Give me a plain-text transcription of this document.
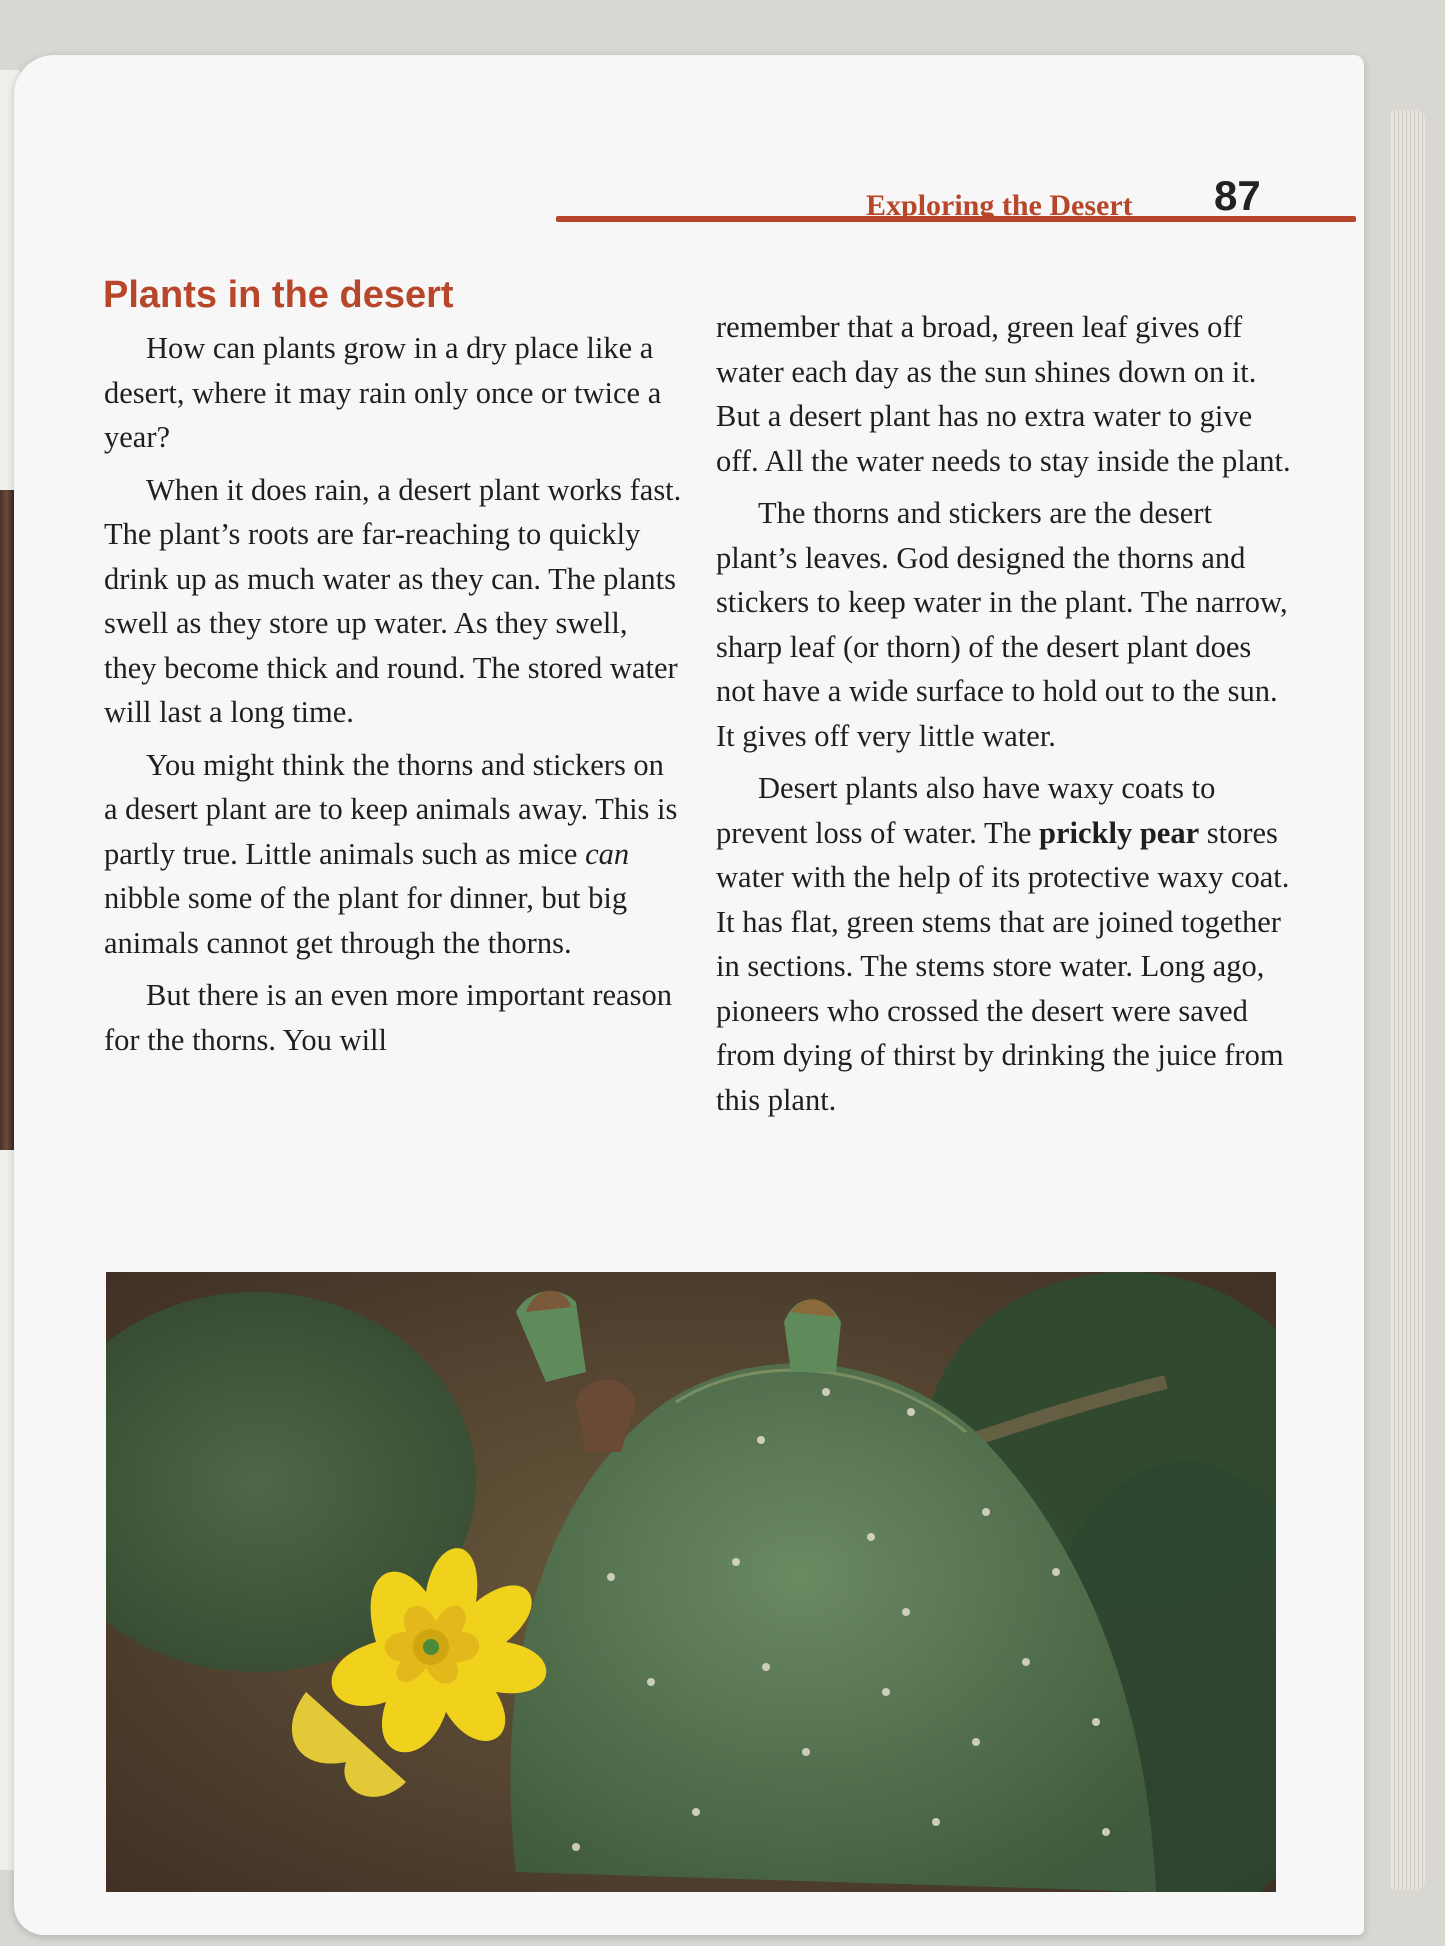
Exploring the Desert 87
Plants in the desert

How can plants grow in a dry place like a desert, where it may rain only once or twice a year?

When it does rain, a desert plant works fast. The plant’s roots are far-reaching to quickly drink up as much water as they can. The plants swell as they store up water. As they swell, they become thick and round. The stored water will last a long time.

You might think the thorns and stickers on a desert plant are to keep animals away. This is partly true. Little animals such as mice can nibble some of the plant for dinner, but big animals cannot get through the thorns.

But there is an even more important reason for the thorns. You will

remember that a broad, green leaf gives off water each day as the sun shines down on it. But a desert plant has no extra water to give off. All the water needs to stay inside the plant.

The thorns and stickers are the desert plant’s leaves. God designed the thorns and stickers to keep water in the plant. The narrow, sharp leaf (or thorn) of the desert plant does not have a wide surface to hold out to the sun. It gives off very little water.

Desert plants also have waxy coats to prevent loss of water. The prickly pear stores water with the help of its protective waxy coat. It has flat, green stems that are joined together in sections. The stems store water. Long ago, pioneers who crossed the desert were saved from dying of thirst by drinking the juice from this plant.
